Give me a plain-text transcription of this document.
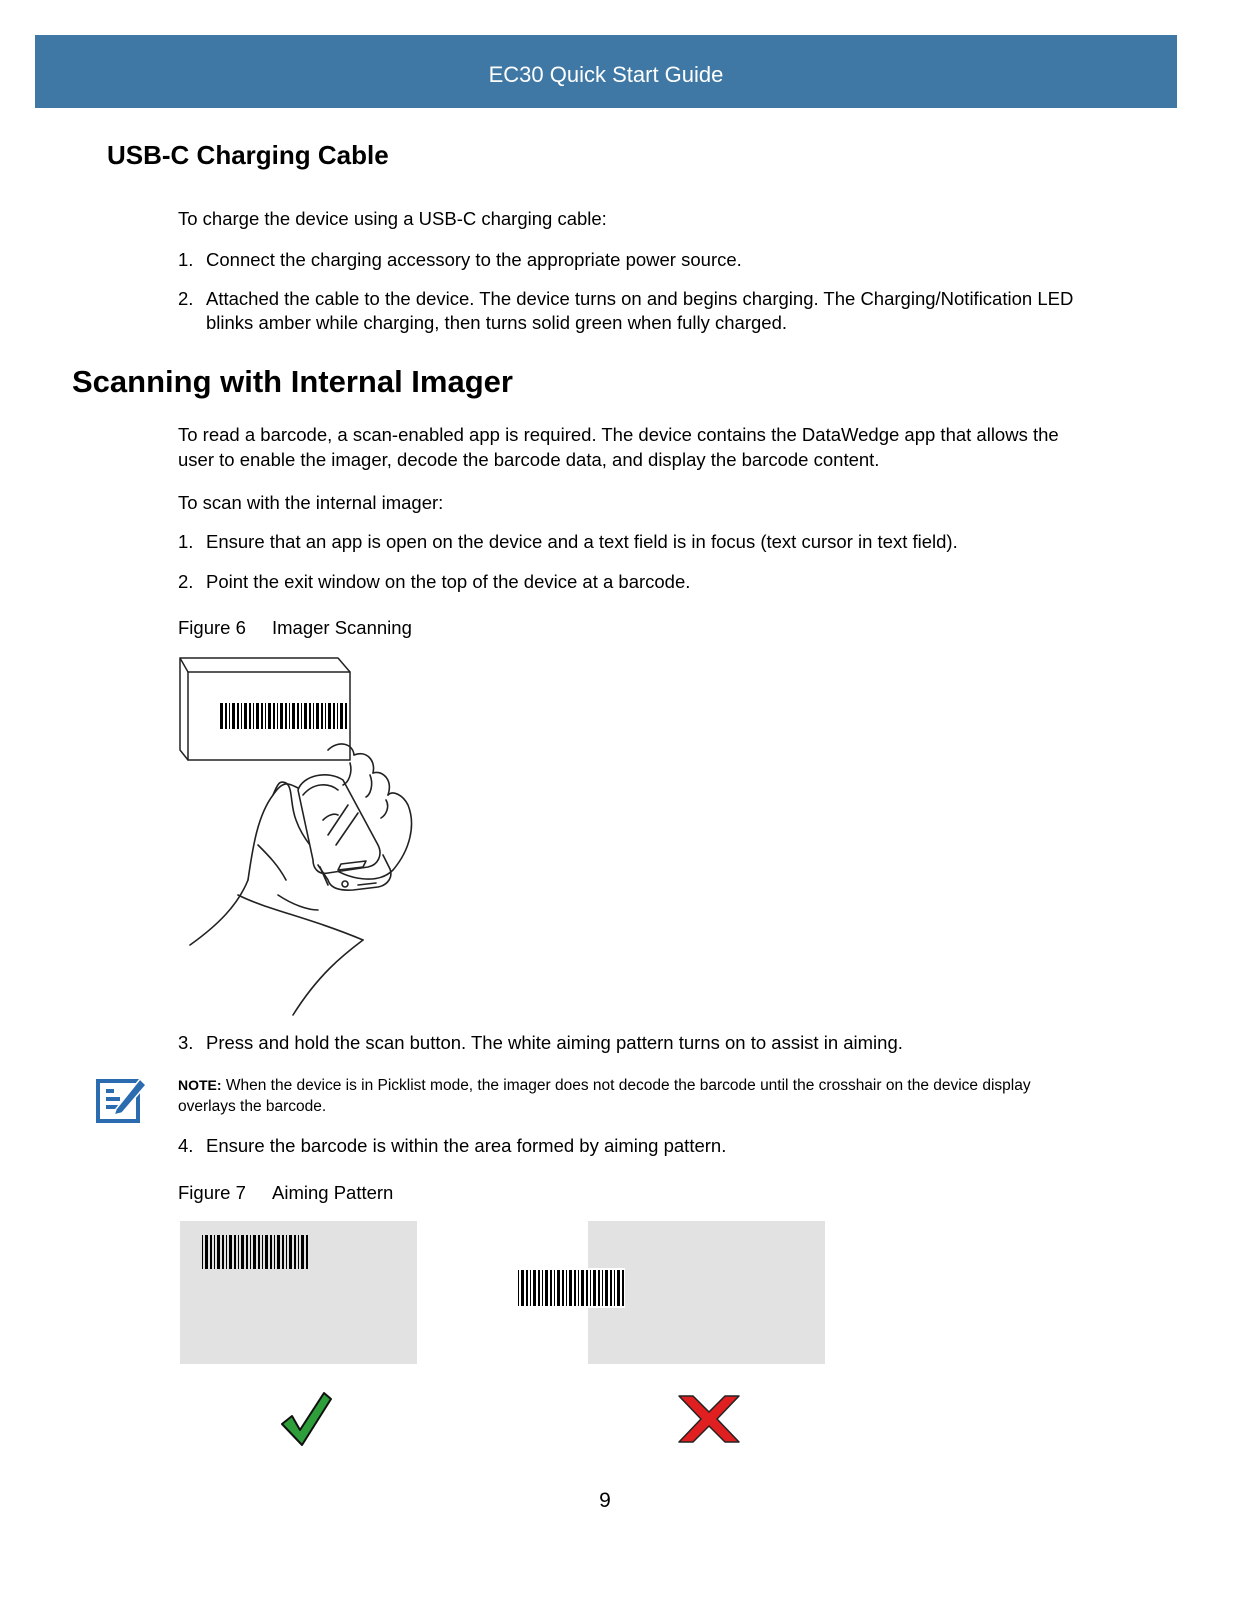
EC30 Quick Start Guide
USB-C Charging Cable
To charge the device using a USB-C charging cable:
1. Connect the charging accessory to the appropriate power source.
2. Attached the cable to the device. The device turns on and begins charging. The Charging/Notification LED
blinks amber while charging, then turns solid green when fully charged.
Scanning with Internal Imager
To read a barcode, a scan-enabled app is required. The device contains the DataWedge app that allows the
user to enable the imager, decode the barcode data, and display the barcode content.
To scan with the internal imager:
1. Ensure that an app is open on the device and a text field is in focus (text cursor in text field).
2. Point the exit window on the top of the device at a barcode.
Figure 6 Imager Scanning
3. Press and hold the scan button. The white aiming pattern turns on to assist in aiming.
NOTE: When the device is in Picklist mode, the imager does not decode the barcode until the crosshair on the device display
overlays the barcode.
4. Ensure the barcode is within the area formed by aiming pattern.
Figure 7 Aiming Pattern
9
